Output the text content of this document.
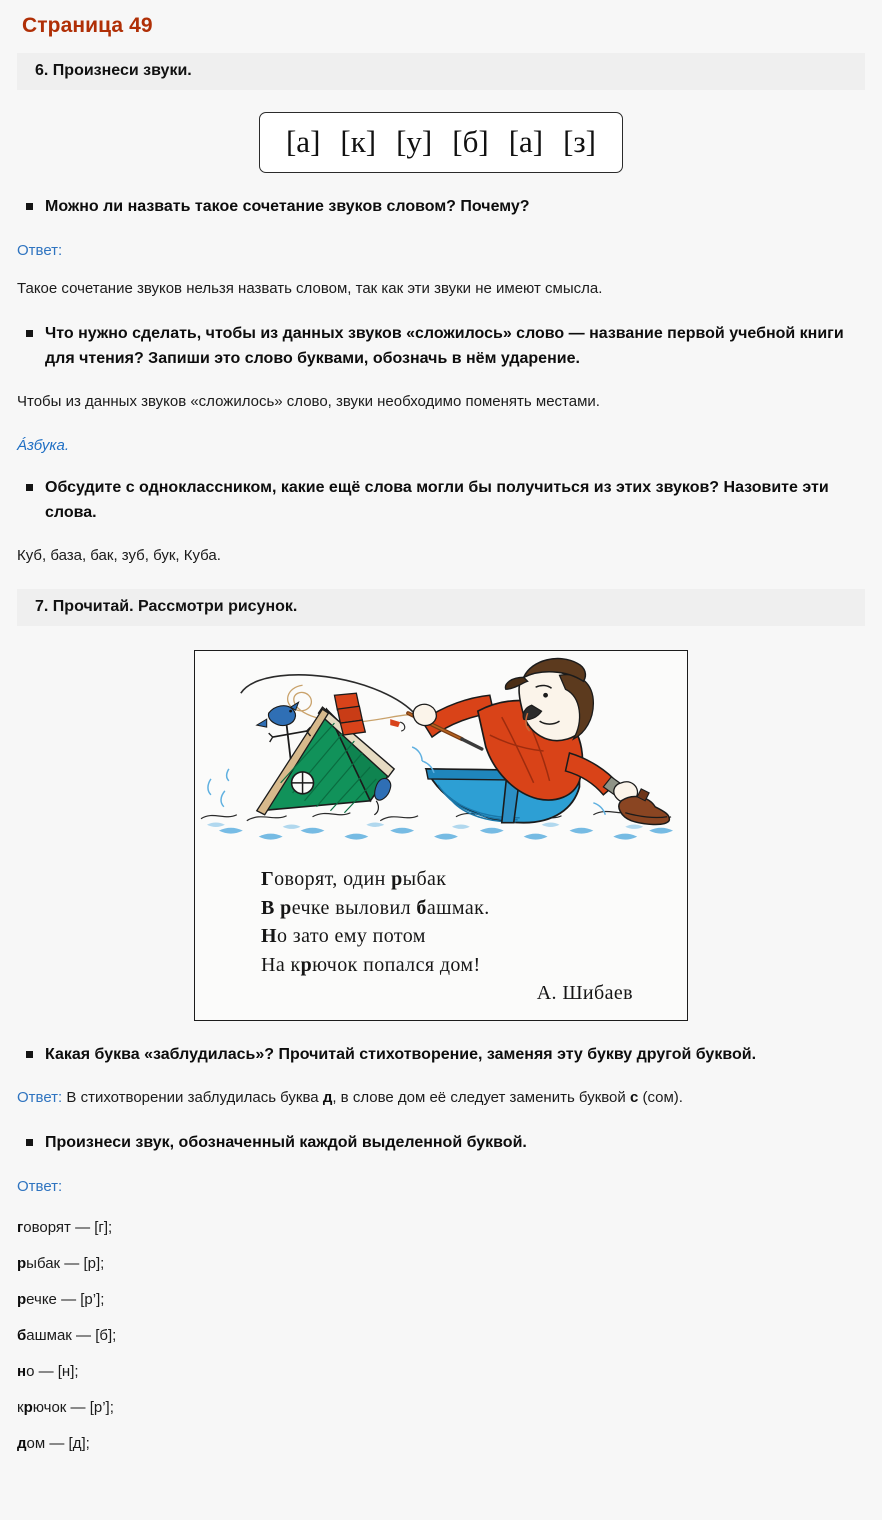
Страница 49
6. Произнеси звуки.
[а] [к] [у] [б] [а] [з]
Можно ли назвать такое сочетание звуков словом? Почему?
Ответ:
Такое сочетание звуков нельзя назвать словом, так как эти звуки не имеют смысла.
Что нужно сделать, чтобы из данных звуков «сложилось» слово — название первой учебной книги для чтения? Запиши это слово буквами, обозначь в нём ударение.
Чтобы из данных звуков «сложилось» слово, звуки необходимо поменять местами.
Áзбука.
Обсудите с одноклассником, какие ещё слова могли бы получиться из этих звуков? Назовите эти слова.
Куб, база, бак, зуб, бук, Куба.
7. Прочитай. Рассмотри рисунок.
Говорят, один рыбак
В речке выловил башмак.
Но зато ему потом
На крючок попался дом!
А. Шибаев
Какая буква «заблудилась»? Прочитай стихотворение, заменяя эту букву другой буквой.
Ответ: В стихотворении заблудилась буква д, в слове дом её следует заменить буквой с (сом).
Произнеси звук, обозначенный каждой выделенной буквой.
Ответ:
говорят — [г];
рыбак — [р];
речке — [р’];
башмак — [б];
но — [н];
крючок — [р’];
дом — [д];
